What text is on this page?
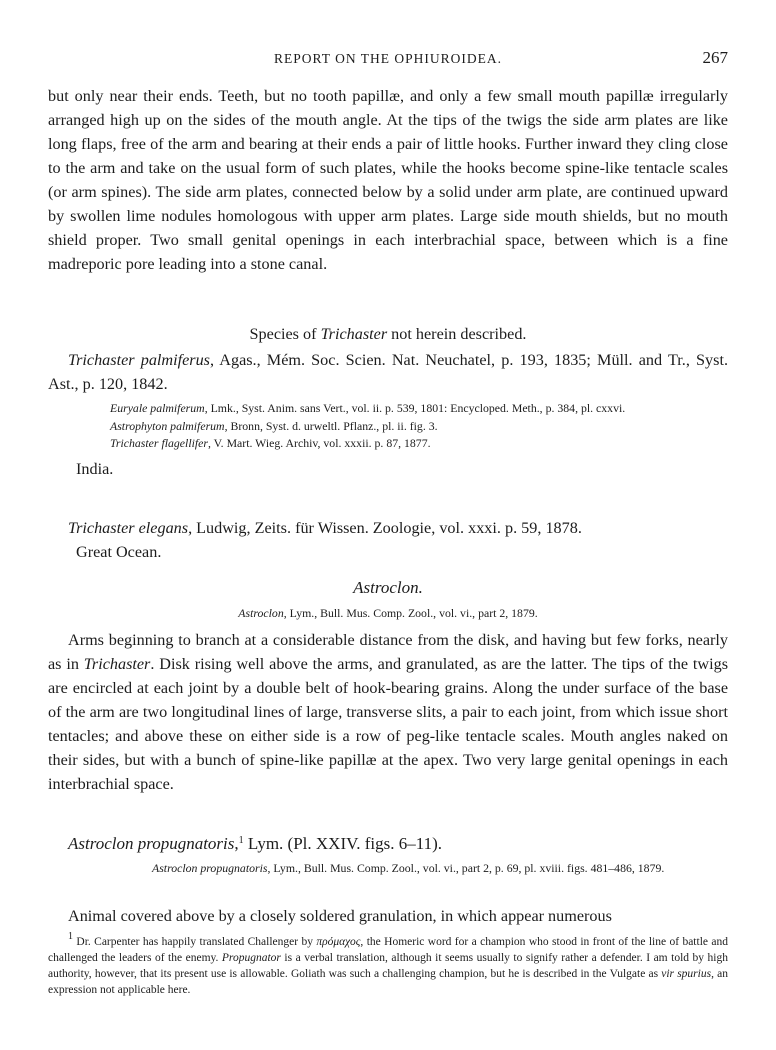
REPORT ON THE OPHIUROIDEA.	267

but only near their ends. Teeth, but no tooth papillæ, and only a few small mouth papillæ irregularly arranged high up on the sides of the mouth angle. At the tips of the twigs the side arm plates are like long flaps, free of the arm and bearing at their ends a pair of little hooks. Further inward they cling close to the arm and take on the usual form of such plates, while the hooks become spine-like tentacle scales (or arm spines). The side arm plates, connected below by a solid under arm plate, are continued upward by swollen lime nodules homologous with upper arm plates. Large side mouth shields, but no mouth shield proper. Two small genital openings in each interbrachial space, between which is a fine madreporic pore leading into a stone canal.

Species of Trichaster not herein described.

Trichaster palmiferus, Agas., Mém. Soc. Scien. Nat. Neuchatel, p. 193, 1835; Müll. and Tr., Syst. Ast., p. 120, 1842.

Euryale palmiferum, Lmk., Syst. Anim. sans Vert., vol. ii. p. 539, 1801: Encycloped. Meth., p. 384, pl. cxxvi.

Astrophyton palmiferum, Bronn, Syst. d. urweltl. Pflanz., pl. ii. fig. 3.

Trichaster flagellifer, V. Mart. Wieg. Archiv, vol. xxxii. p. 87, 1877.

India.

Trichaster elegans, Ludwig, Zeits. für Wissen. Zoologie, vol. xxxi. p. 59, 1878.

Great Ocean.

Astroclon.

Astroclon, Lym., Bull. Mus. Comp. Zool., vol. vi., part 2, 1879.

Arms beginning to branch at a considerable distance from the disk, and having but few forks, nearly as in Trichaster. Disk rising well above the arms, and granulated, as are the latter. The tips of the twigs are encircled at each joint by a double belt of hook-bearing grains. Along the under surface of the base of the arm are two longitudinal lines of large, transverse slits, a pair to each joint, from which issue short tentacles; and above these on either side is a row of peg-like tentacle scales. Mouth angles naked on their sides, but with a bunch of spine-like papillæ at the apex. Two very large genital openings in each interbrachial space.

Astroclon propugnatoris,$^1$ Lym. (Pl. XXIV. figs. 6–11).

Astroclon propugnatoris, Lym., Bull. Mus. Comp. Zool., vol. vi., part 2, p. 69, pl. xviii. figs. 481–486, 1879.

Animal covered above by a closely soldered granulation, in which appear numerous

$^1$ Dr. Carpenter has happily translated Challenger by πρόμαχος, the Homeric word for a champion who stood in front of the line of battle and challenged the leaders of the enemy. Propugnator is a verbal translation, although it seems usually to signify rather a defender. I am told by high authority, however, that its present use is allowable. Goliath was such a challenging champion, but he is described in the Vulgate as vir spurius, an expression not applicable here.
